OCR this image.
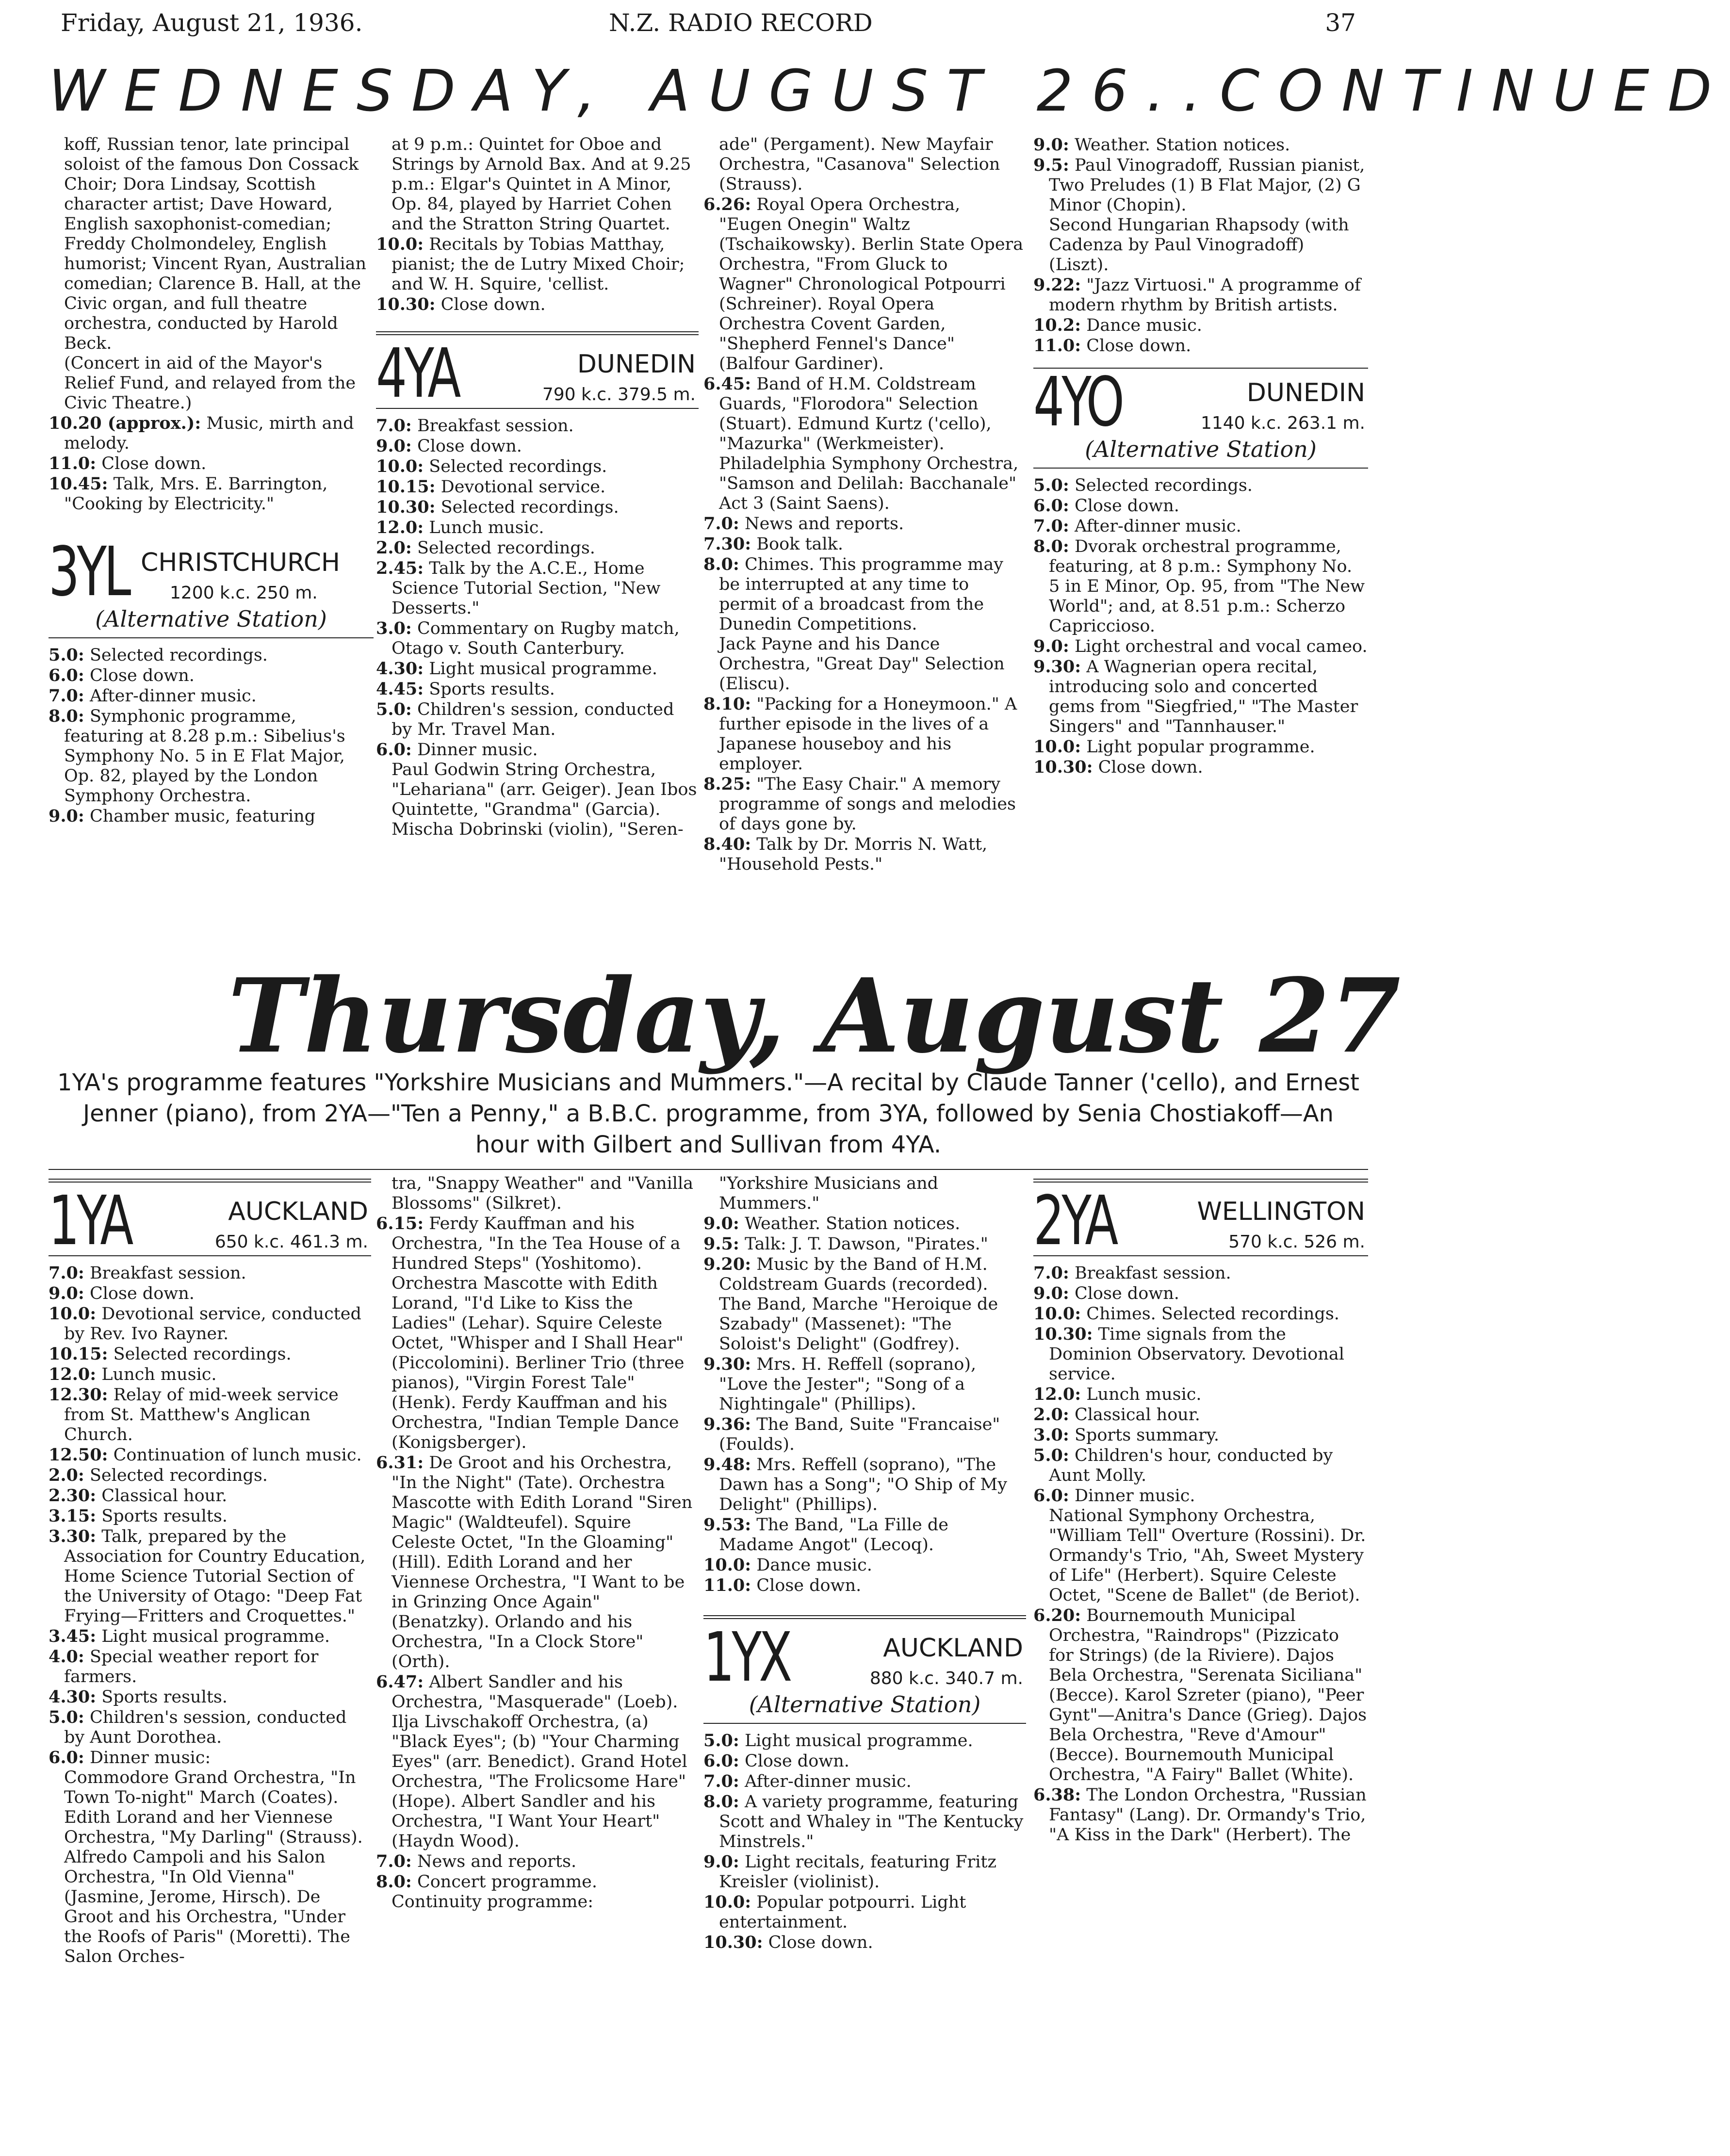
Friday, August 21, 1936.	N.Z. RADIO RECORD	37
WEDNESDAY, AUGUST 26..CONTINUED
koff, Russian tenor, late principal soloist of the famous Don Cossack Choir; Dora Lindsay, Scottish character artist; Dave Howard, English saxophonist-comedian; Freddy Cholmondeley, English humorist; Vincent Ryan, Australian comedian; Clarence B. Hall, at the Civic organ, and full theatre orchestra, conducted by Harold Beck.
(Concert in aid of the Mayor's Relief Fund, and relayed from the Civic Theatre.)
10.20 (approx.): Music, mirth and melody.
11.0: Close down.
10.45: Talk, Mrs. E. Barrington, "Cooking by Electricity."
3YL CHRISTCHURCH
1200 k.c. 250 m.
(Alternative Station)
5.0: Selected recordings.
6.0: Close down.
7.0: After-dinner music.
8.0: Symphonic programme, featuring at 8.28 p.m.: Sibelius's Symphony No. 5 in E Flat Major, Op. 82, played by the London Symphony Orchestra.
9.0: Chamber music, featuring
at 9 p.m.: Quintet for Oboe and Strings by Arnold Bax. And at 9.25 p.m.: Elgar's Quintet in A Minor, Op. 84, played by Harriet Cohen and the Stratton String Quartet.
10.0: Recitals by Tobias Matthay, pianist; the de Lutry Mixed Choir; and W. H. Squire, 'cellist.
10.30: Close down.
4YA	DUNEDIN
790 k.c. 379.5 m.
7.0: Breakfast session.
9.0: Close down.
10.0: Selected recordings.
10.15: Devotional service.
10.30: Selected recordings.
12.0: Lunch music.
2.0: Selected recordings.
2.45: Talk by the A.C.E., Home Science Tutorial Section, "New Desserts."
3.0: Commentary on Rugby match, Otago v. South Canterbury.
4.30: Light musical programme.
4.45: Sports results.
5.0: Children's session, conducted by Mr. Travel Man.
6.0: Dinner music.
Paul Godwin String Orchestra, "Lehariana" (arr. Geiger). Jean Ibos Quintette, "Grandma" (Garcia). Mischa Dobrinski (violin), "Seren-
ade" (Pergament). New Mayfair Orchestra, "Casanova" Selection (Strauss).
6.26: Royal Opera Orchestra, "Eugen Onegin" Waltz (Tschaikowsky). Berlin State Opera Orchestra, "From Gluck to Wagner" Chronological Potpourri (Schreiner). Royal Opera Orchestra Covent Garden, "Shepherd Fennel's Dance" (Balfour Gardiner).
6.45: Band of H.M. Coldstream Guards, "Florodora" Selection (Stuart). Edmund Kurtz ('cello), "Mazurka" (Werkmeister). Philadelphia Symphony Orchestra, "Samson and Delilah: Bacchanale" Act 3 (Saint Saens).
7.0: News and reports.
7.30: Book talk.
8.0: Chimes. This programme may be interrupted at any time to permit of a broadcast from the Dunedin Competitions.
Jack Payne and his Dance Orchestra, "Great Day" Selection (Eliscu).
8.10: "Packing for a Honeymoon." A further episode in the lives of a Japanese houseboy and his employer.
8.25: "The Easy Chair." A memory programme of songs and melodies of days gone by.
8.40: Talk by Dr. Morris N. Watt, "Household Pests."
9.0: Weather. Station notices.
9.5: Paul Vinogradoff, Russian pianist, Two Preludes (1) B Flat Major, (2) G Minor (Chopin).
Second Hungarian Rhapsody (with Cadenza by Paul Vinogradoff) (Liszt).
9.22: "Jazz Virtuosi." A programme of modern rhythm by British artists.
10.2: Dance music.
11.0: Close down.
4YO	DUNEDIN
1140 k.c. 263.1 m.
(Alternative Station)
5.0: Selected recordings.
6.0: Close down.
7.0: After-dinner music.
8.0: Dvorak orchestral programme, featuring, at 8 p.m.: Symphony No. 5 in E Minor, Op. 95, from "The New World"; and, at 8.51 p.m.: Scherzo Capriccioso.
9.0: Light orchestral and vocal cameo.
9.30: A Wagnerian opera recital, introducing solo and concerted gems from "Siegfried," "The Master Singers" and "Tannhauser."
10.0: Light popular programme.
10.30: Close down.
Thursday, August 27
1YA's programme features "Yorkshire Musicians and Mummers."—A recital by Claude Tanner ('cello), and Ernest Jenner (piano), from 2YA—"Ten a Penny," a B.B.C. programme, from 3YA, followed by Senia Chostiakoff—An hour with Gilbert and Sullivan from 4YA.
1YA	AUCKLAND
650 k.c. 461.3 m.
7.0: Breakfast session.
9.0: Close down.
10.0: Devotional service, conducted by Rev. Ivo Rayner.
10.15: Selected recordings.
12.0: Lunch music.
12.30: Relay of mid-week service from St. Matthew's Anglican Church.
12.50: Continuation of lunch music.
2.0: Selected recordings.
2.30: Classical hour.
3.15: Sports results.
3.30: Talk, prepared by the Association for Country Education, Home Science Tutorial Section of the University of Otago: "Deep Fat Frying—Fritters and Croquettes."
3.45: Light musical programme.
4.0: Special weather report for farmers.
4.30: Sports results.
5.0: Children's session, conducted by Aunt Dorothea.
6.0: Dinner music:
Commodore Grand Orchestra, "In Town To-night" March (Coates). Edith Lorand and her Viennese Orchestra, "My Darling" (Strauss). Alfredo Campoli and his Salon Orchestra, "In Old Vienna" (Jasmine, Jerome, Hirsch). De Groot and his Orchestra, "Under the Roofs of Paris" (Moretti). The Salon Orches-
tra, "Snappy Weather" and "Vanilla Blossoms" (Silkret).
6.15: Ferdy Kauffman and his Orchestra, "In the Tea House of a Hundred Steps" (Yoshitomo). Orchestra Mascotte with Edith Lorand, "I'd Like to Kiss the Ladies" (Lehar). Squire Celeste Octet, "Whisper and I Shall Hear" (Piccolomini). Berliner Trio (three pianos), "Virgin Forest Tale" (Henk). Ferdy Kauffman and his Orchestra, "Indian Temple Dance (Konigsberger).
6.31: De Groot and his Orchestra, "In the Night" (Tate). Orchestra Mascotte with Edith Lorand "Siren Magic" (Waldteufel). Squire Celeste Octet, "In the Gloaming" (Hill). Edith Lorand and her Viennese Orchestra, "I Want to be in Grinzing Once Again" (Benatzky). Orlando and his Orchestra, "In a Clock Store" (Orth).
6.47: Albert Sandler and his Orchestra, "Masquerade" (Loeb). Ilja Livschakoff Orchestra, (a) "Black Eyes"; (b) "Your Charming Eyes" (arr. Benedict). Grand Hotel Orchestra, "The Frolicsome Hare" (Hope). Albert Sandler and his Orchestra, "I Want Your Heart" (Haydn Wood).
7.0: News and reports.
8.0: Concert programme.
Continuity programme:
"Yorkshire Musicians and Mummers."
9.0: Weather. Station notices.
9.5: Talk: J. T. Dawson, "Pirates."
9.20: Music by the Band of H.M. Coldstream Guards (recorded).
The Band, Marche "Heroique de Szabady" (Massenet): "The Soloist's Delight" (Godfrey).
9.30: Mrs. H. Reffell (soprano), "Love the Jester"; "Song of a Nightingale" (Phillips).
9.36: The Band, Suite "Francaise" (Foulds).
9.48: Mrs. Reffell (soprano), "The Dawn has a Song"; "O Ship of My Delight" (Phillips).
9.53: The Band, "La Fille de Madame Angot" (Lecoq).
10.0: Dance music.
11.0: Close down.
1YX	AUCKLAND
880 k.c. 340.7 m.
(Alternative Station)
5.0: Light musical programme.
6.0: Close down.
7.0: After-dinner music.
8.0: A variety programme, featuring Scott and Whaley in "The Kentucky Minstrels."
9.0: Light recitals, featuring Fritz Kreisler (violinist).
10.0: Popular potpourri. Light entertainment.
10.30: Close down.
2YA	WELLINGTON
570 k.c. 526 m.
7.0: Breakfast session.
9.0: Close down.
10.0: Chimes. Selected recordings.
10.30: Time signals from the Dominion Observatory. Devotional service.
12.0: Lunch music.
2.0: Classical hour.
3.0: Sports summary.
5.0: Children's hour, conducted by Aunt Molly.
6.0: Dinner music.
National Symphony Orchestra, "William Tell" Overture (Rossini). Dr. Ormandy's Trio, "Ah, Sweet Mystery of Life" (Herbert). Squire Celeste Octet, "Scene de Ballet" (de Beriot).
6.20: Bournemouth Municipal Orchestra, "Raindrops" (Pizzicato for Strings) (de la Riviere). Dajos Bela Orchestra, "Serenata Siciliana" (Becce). Karol Szreter (piano), "Peer Gynt"—Anitra's Dance (Grieg). Dajos Bela Orchestra, "Reve d'Amour" (Becce). Bournemouth Municipal Orchestra, "A Fairy" Ballet (White).
6.38: The London Orchestra, "Russian Fantasy" (Lang). Dr. Ormandy's Trio, "A Kiss in the Dark" (Herbert). The
